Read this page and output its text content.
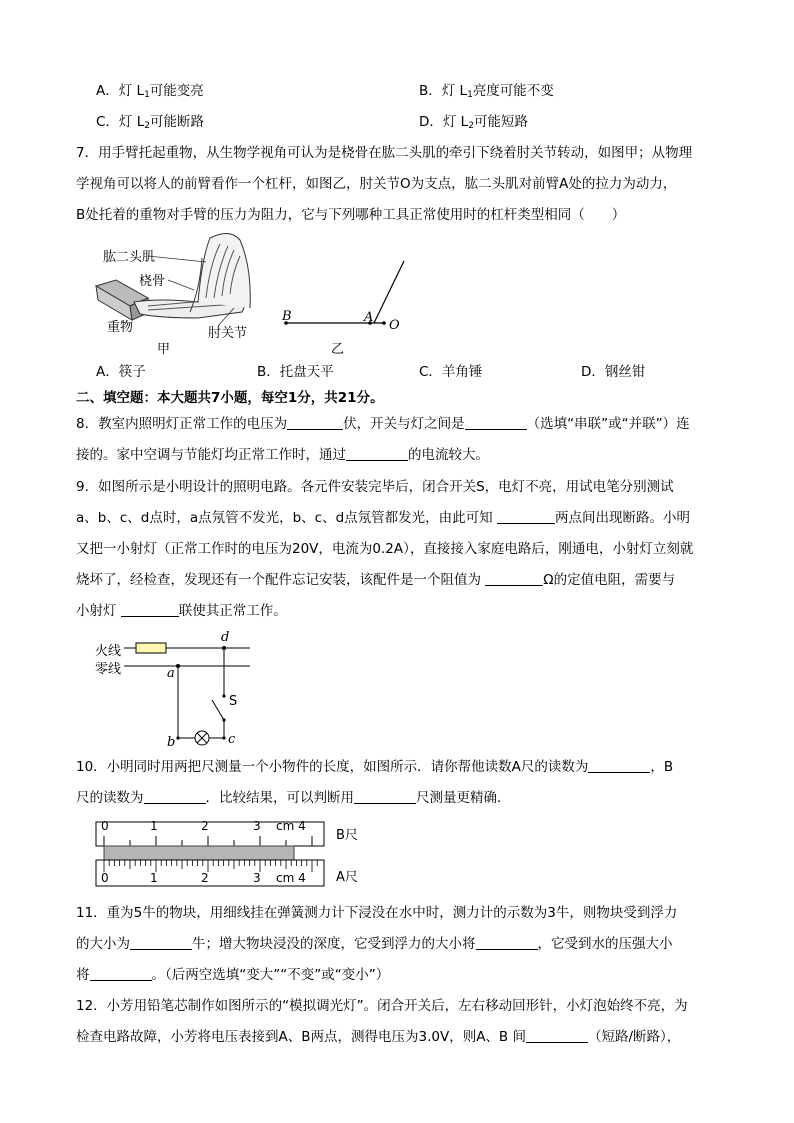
A．灯 $L_1$可能变亮	B．灯 $L_1$亮度可能不变
C．灯 $L_2$可能断路	D．灯 $L_2$可能短路
7．用手臂托起重物，从生物学视角可认为是桡骨在肱二头肌的牵引下绕着肘关节转动，如图甲；从物理
学视角可以将人的前臂看作一个杠杆，如图乙，肘关节O为支点，肱二头肌对前臂A处的拉力为动力，
B处托着的重物对手臂的压力为阻力，它与下列哪种工具正常使用时的杠杆类型相同（　　）
肱二头肌
桡骨
重物	肘关节
甲
B	A
O
乙
A．筷子	B．托盘天平	C．羊角锤	D．钢丝钳
二、填空题：本大题共7小题，每空1分，共21分。
8．教室内照明灯正常工作的电压为	伏，开关与灯之间是	（选填“串联”或“并联”）连
接的。家中空调与节能灯均正常工作时，通过	的电流较大。
9．如图所示是小明设计的照明电路。各元件安装完毕后，闭合开关S，电灯不亮，用试电笔分别测试
a、b、c、d点时，a点氖管不发光，b、c、d点氖管都发光，由此可知	两点间出现断路。小明
又把一小射灯（正常工作时的电压为20V，电流为0.2A），直接接入家庭电路后，刚通电，小射灯立刻就
烧坏了，经检查，发现还有一个配件忘记安装，该配件是一个阻值为	Ω的定值电阻，需要与
小射灯	联使其正常工作。
火线
零线	a
b	c
d
S
10．小明同时用两把尺测量一个小物件的长度，如图所示．请你帮他读数A尺的读数为	，B
尺的读数为	．比较结果，可以判断用	尺测量更精确．
0	1	2	3 cm 4
0	1	2	3 cm 4
B尺
A尺
11．重为5牛的物块，用细线挂在弹簧测力计下浸没在水中时，测力计的示数为3牛，则物块受到浮力
的大小为	牛；增大物块浸没的深度，它受到浮力的大小将	，它受到水的压强大小
将	。（后两空选填“变大”“不变”或“变小”）
12．小芳用铅笔芯制作如图所示的“模拟调光灯”。闭合开关后，左右移动回形针，小灯泡始终不亮，为
检查电路故障，小芳将电压表接到A、B两点，测得电压为3.0V，则A、B 间	（短路/断路），
